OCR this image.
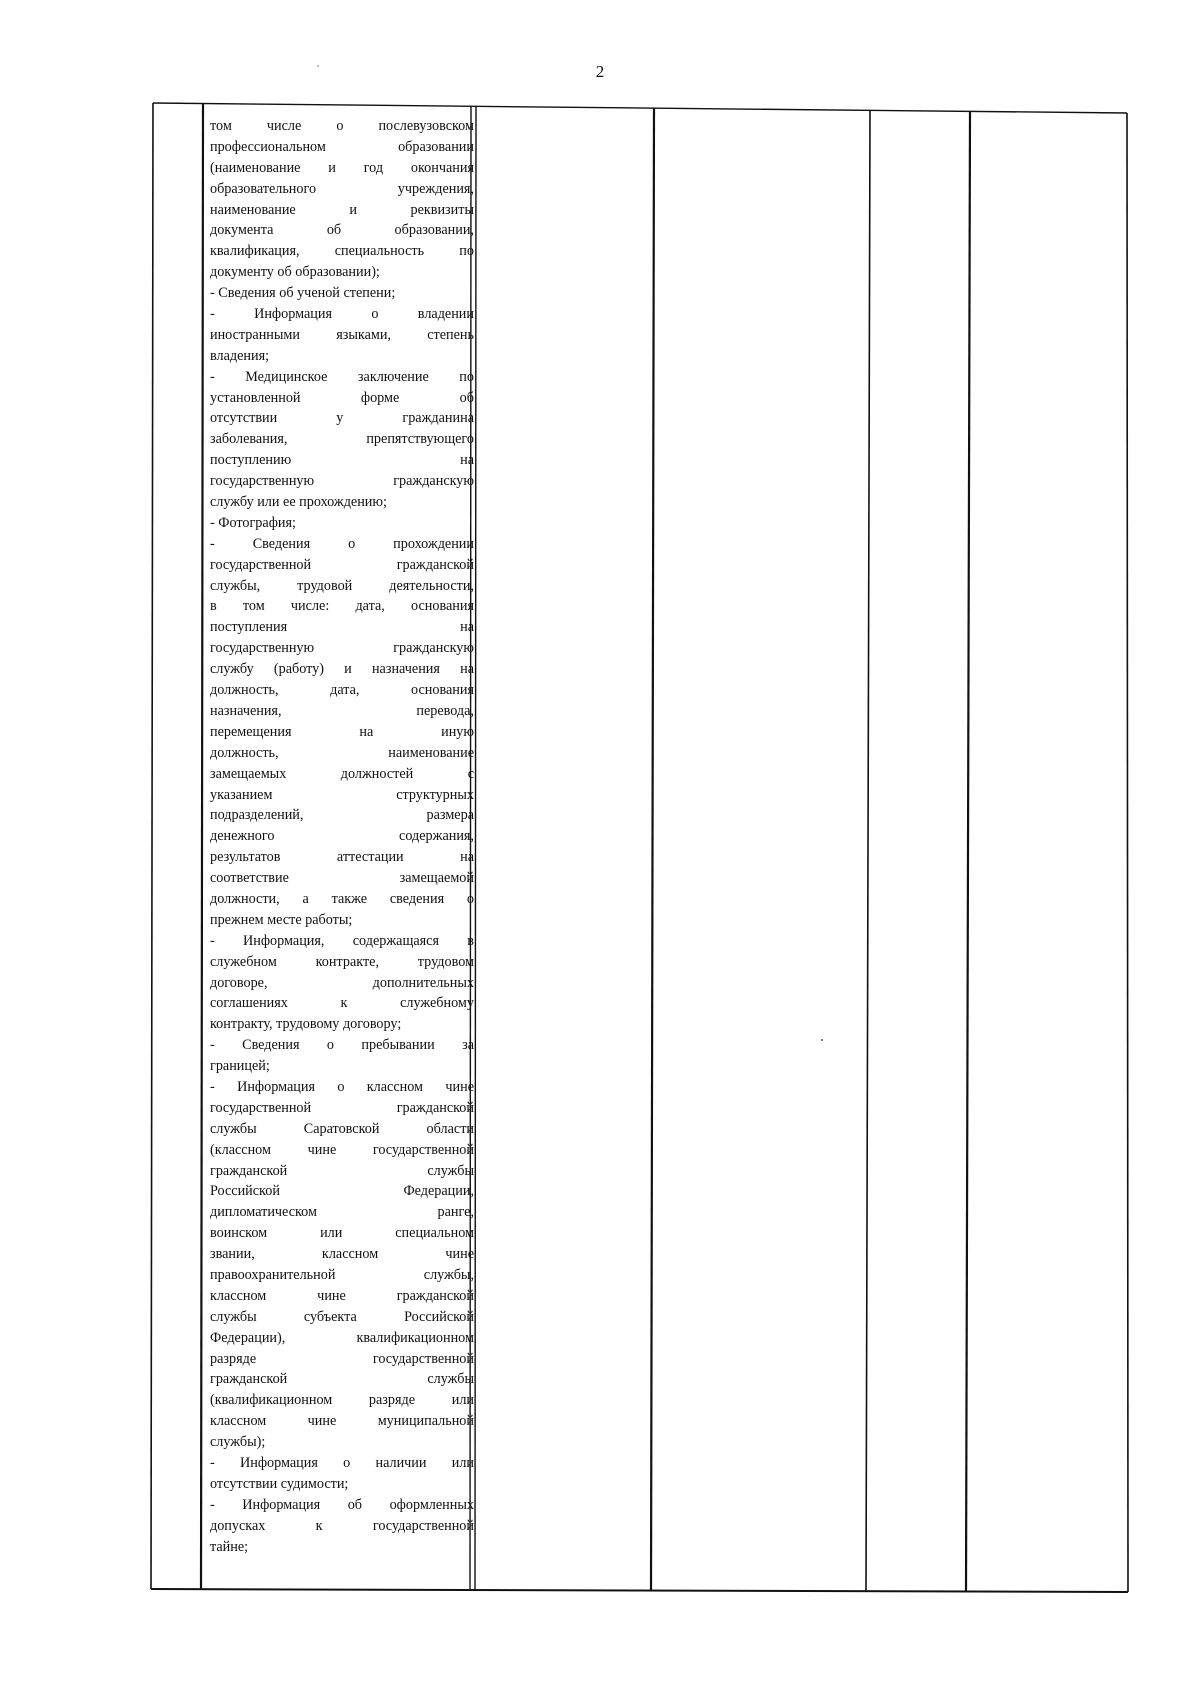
2
том числе о послевузовском
профессиональном образовании
(наименование и год окончания
образовательного учреждения,
наименование и реквизиты
документа об образовании,
квалификация, специальность по
документу об образовании);
- Сведения об ученой степени;
- Информация о владении
иностранными языками, степень
владения;
- Медицинское заключение по
установленной форме об
отсутствии у гражданина
заболевания, препятствующего
поступлению на
государственную гражданскую
службу или ее прохождению;
- Фотография;
- Сведения о прохождении
государственной гражданской
службы, трудовой деятельности,
в том числе: дата, основания
поступления на
государственную гражданскую
службу (работу) и назначения на
должность, дата, основания
назначения, перевода,
перемещения на иную
должность, наименование
замещаемых должностей с
указанием структурных
подразделений, размера
денежного содержания,
результатов аттестации на
соответствие замещаемой
должности, а также сведения о
прежнем месте работы;
- Информация, содержащаяся в
служебном контракте, трудовом
договоре, дополнительных
соглашениях к служебному
контракту, трудовому договору;
- Сведения о пребывании за
границей;
- Информация о классном чине
государственной гражданской
службы Саратовской области
(классном чине государственной
гражданской службы
Российской Федерации,
дипломатическом ранге,
воинском или специальном
звании, классном чине
правоохранительной службы,
классном чине гражданской
службы субъекта Российской
Федерации), квалификационном
разряде государственной
гражданской службы
(квалификационном разряде или
классном чине муниципальной
службы);
- Информация о наличии или
отсутствии судимости;
- Информация об оформленных
допусках к государственной
тайне;
